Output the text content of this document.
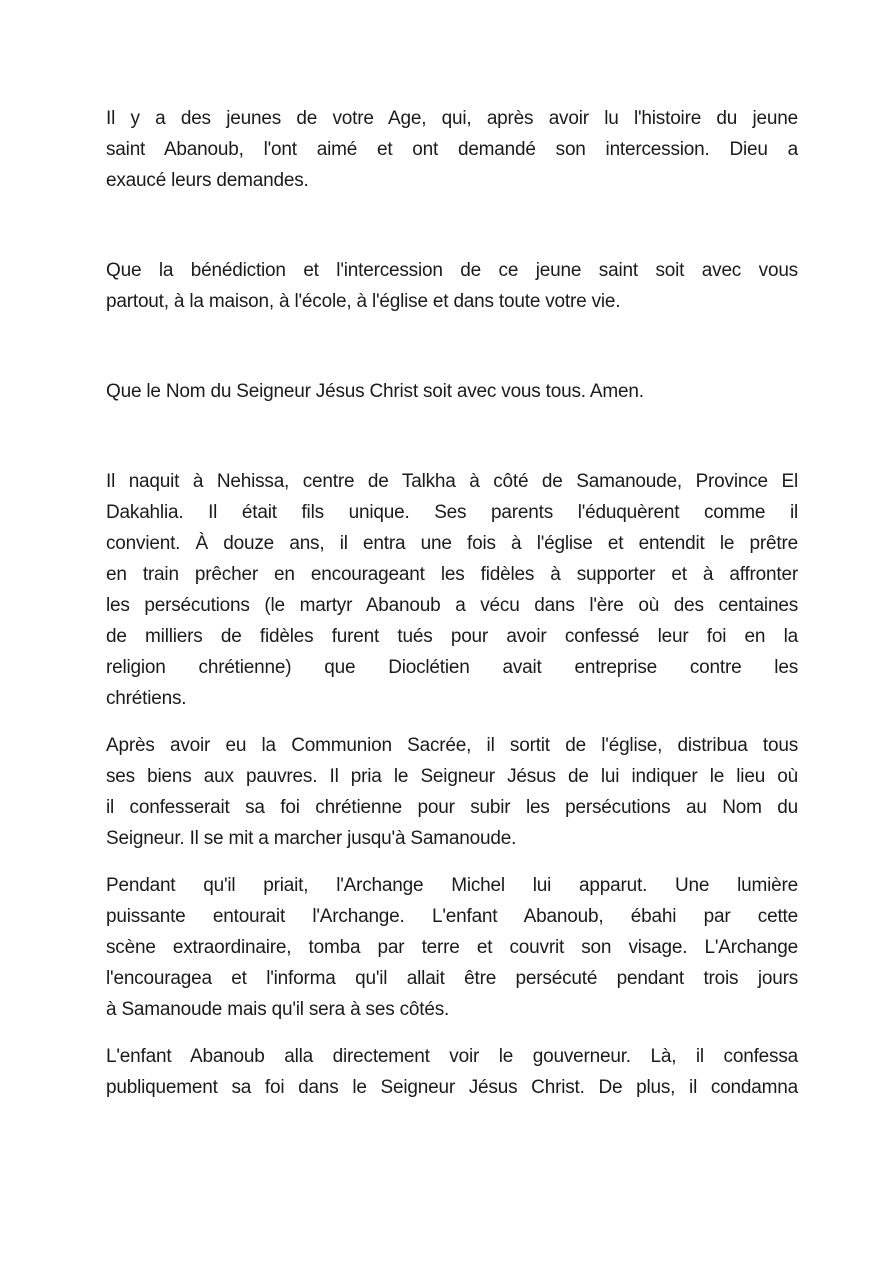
Il y a des jeunes de votre Age, qui, après avoir lu l'histoire du jeune
saint Abanoub, l'ont aimé et ont demandé son intercession. Dieu a
exaucé leurs demandes.

Que la bénédiction et l'intercession de ce jeune saint soit avec vous
partout, à la maison, à l'école, à l'église et dans toute votre vie.

Que le Nom du Seigneur Jésus Christ soit avec vous tous. Amen.

Il naquit à Nehissa, centre de Talkha à côté de Samanoude, Province El
Dakahlia. Il était fils unique. Ses parents l'éduquèrent comme il
convient. À douze ans, il entra une fois à l'église et entendit le prêtre
en train prêcher en encourageant les fidèles à supporter et à affronter
les persécutions (le martyr Abanoub a vécu dans l'ère où des centaines
de milliers de fidèles furent tués pour avoir confessé leur foi en la
religion chrétienne) que Dioclétien avait entreprise contre les
chrétiens.

Après avoir eu la Communion Sacrée, il sortit de l'église, distribua tous
ses biens aux pauvres. Il pria le Seigneur Jésus de lui indiquer le lieu où
il confesserait sa foi chrétienne pour subir les persécutions au Nom du
Seigneur. Il se mit a marcher jusqu'à Samanoude.

Pendant qu'il priait, l'Archange Michel lui apparut. Une lumière
puissante entourait l'Archange. L'enfant Abanoub, ébahi par cette
scène extraordinaire, tomba par terre et couvrit son visage. L'Archange
l'encouragea et l'informa qu'il allait être persécuté pendant trois jours
à Samanoude mais qu'il sera à ses côtés.

L'enfant Abanoub alla directement voir le gouverneur. Là, il confessa
publiquement sa foi dans le Seigneur Jésus Christ. De plus, il condamna
